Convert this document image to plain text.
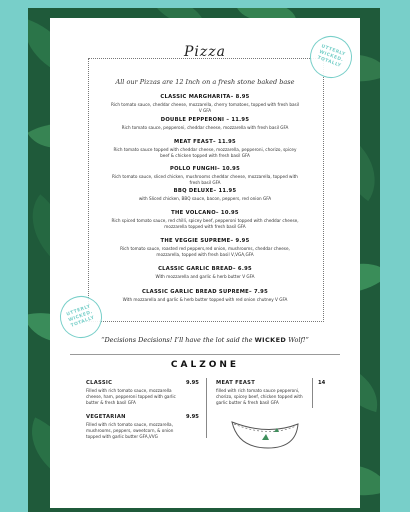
Pizza
All our Pizzas are 12 Inch on a fresh stone baked base
CLASSIC MARGHARITA– 8.95
Rich tomato sauce, cheddar cheese, mozzarella, cherry tomatoes, topped with fresh basil V GFA
DOUBLE PEPPERONI – 11.95
Rich tomato sauce, pepperoni, cheddar cheese, mozzarella with fresh basil GFA
MEAT FEAST– 11.95
Rich tomato sauce topped with cheddar cheese, mozzarella, pepperoni, chorizo, spicey beef & chicken topped with fresh basil GFA
POLLO FUNGHI– 10.95
Rich tomato sauce, sliced chicken, mushrooms cheddar cheese, mozzarella, topped with fresh basil GFA
BBQ DELUXE– 11.95
with Sliced chicken, BBQ sauce, bacon, peppers, red onion GFA
THE VOLCANO– 10.95
Rich spiced tomato sauce, red chilli, spicey beef, pepperoni topped with cheddar cheese, mozzarella topped with fresh basil GFA
THE VEGGIE SUPREME– 9.95
Rich tomato sauce, roasted red peppers,red onion, mushrooms, cheddar cheese, mozzarella, topped with fresh basil V,VGA,GFA
CLASSIC GARLIC BREAD– 6.95
With mozzarella and garlic & herb butter V GFA
CLASSIC GARLIC BREAD SUPREME– 7.95
With mozzarella and garlic & herb butter topped with red onion chutney V GFA
UTTERLY WICKED. TOTALLY
UTTERLY WICKED. TOTALLY
“Decisions Decisions! I’ll have the lot said the WICKED Wolf!”
CALZONE
CLASSIC
Filled with rich tomato sauce, mozzarella cheese, ham, pepperoni topped with garlic butter & fresh basil GFA
9.95
VEGETARIAN
Filled with rich tomato sauce, mozzarella, mushrooms, peppers, sweetcorn, & onion topped with garlic butter GFA,VVG
9.95
MEAT FEAST
filled with rich tomato sauce pepperoni, chorizo, spicey beef, chicken topped with garlic butter & fresh basil GFA
14
